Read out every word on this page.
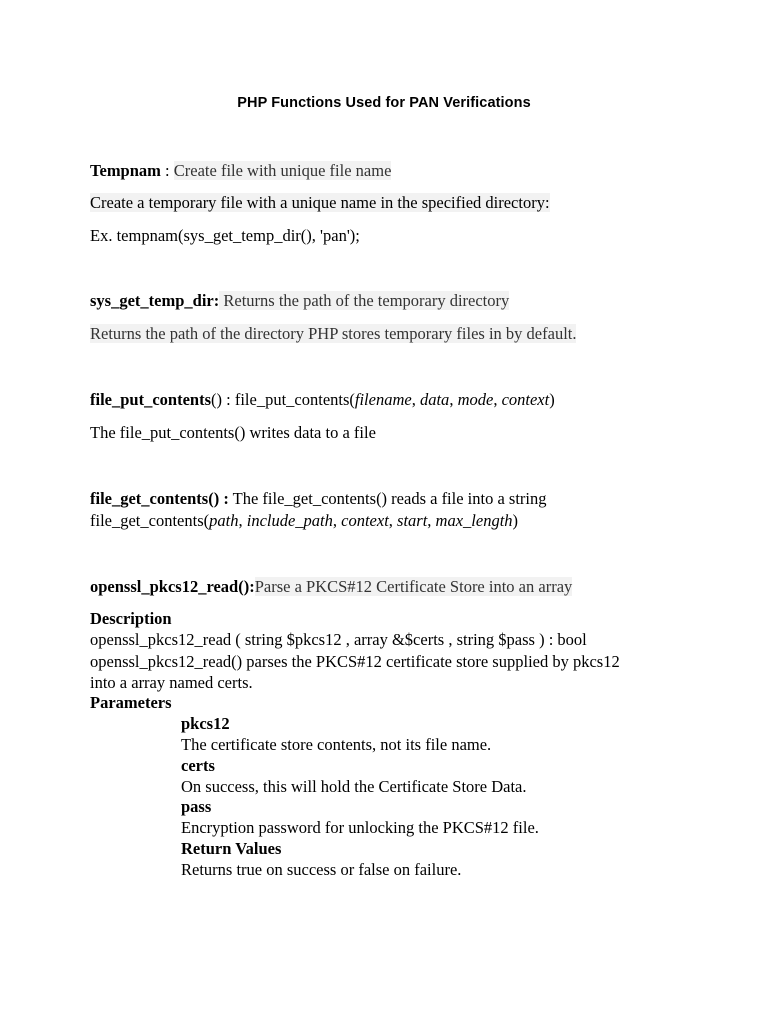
PHP Functions Used for PAN Verifications
Tempnam : Create file with unique file name
Create a temporary file with a unique name in the specified directory:
Ex. tempnam(sys_get_temp_dir(), 'pan');
sys_get_temp_dir: Returns the path of the temporary directory
Returns the path of the directory PHP stores temporary files in by default.
file_put_contents() : file_put_contents(filename, data, mode, context)
The file_put_contents() writes data to a file
file_get_contents() : The file_get_contents() reads a file into a string
file_get_contents(path, include_path, context, start, max_length)
openssl_pkcs12_read():Parse a PKCS#12 Certificate Store into an array
Description
openssl_pkcs12_read ( string $pkcs12 , array &$certs , string $pass ) : bool
openssl_pkcs12_read() parses the PKCS#12 certificate store supplied by pkcs12
into a array named certs.
Parameters
pkcs12
The certificate store contents, not its file name.
certs
On success, this will hold the Certificate Store Data.
pass
Encryption password for unlocking the PKCS#12 file.
Return Values
Returns true on success or false on failure.
